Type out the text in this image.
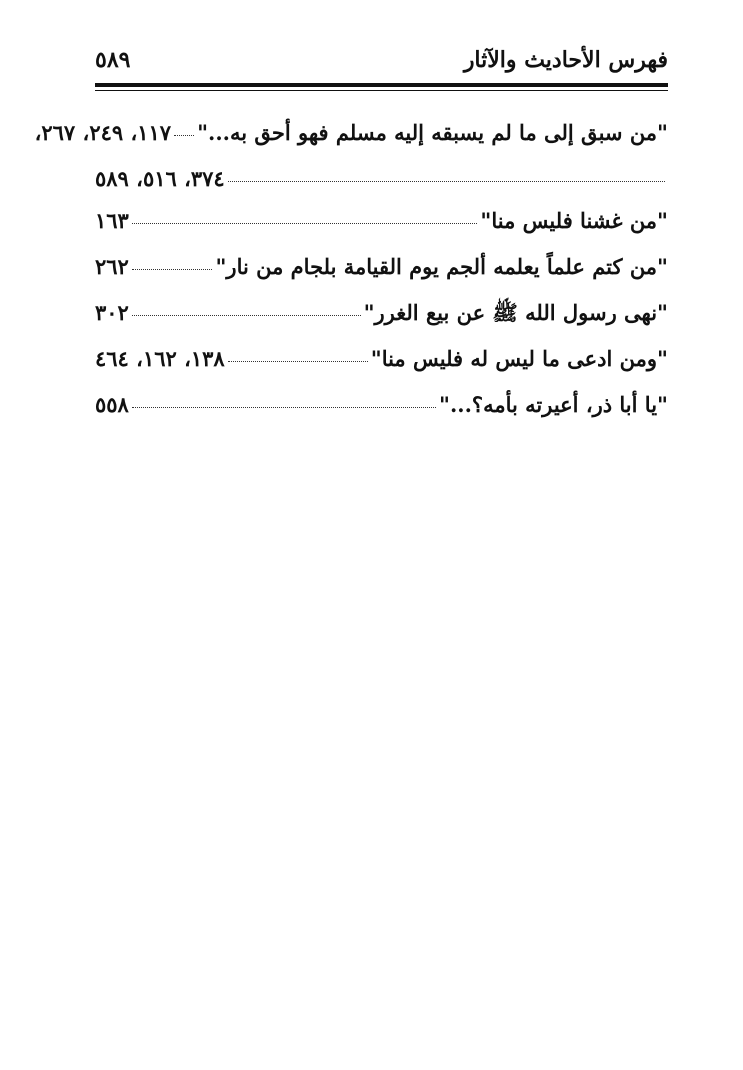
فهرس الأحاديث والآثار
٥٨٩
"من سبق إلى ما لم يسبقه إليه مسلم فهو أحق به..."
١١٧، ٢٤٩، ٢٦٧،
٣٧٤، ٥١٦، ٥٨٩
"من غشنا فليس منا"
١٦٣
"من كتم علماً يعلمه ألجم يوم القيامة بلجام من نار"
٢٦٢
"نهى رسول الله ﷺ عن بيع الغرر"
٣٠٢
"ومن ادعى ما ليس له فليس منا"
١٣٨، ١٦٢، ٤٦٤
"يا أبا ذر، أعيرته بأمه؟..."
٥٥٨
